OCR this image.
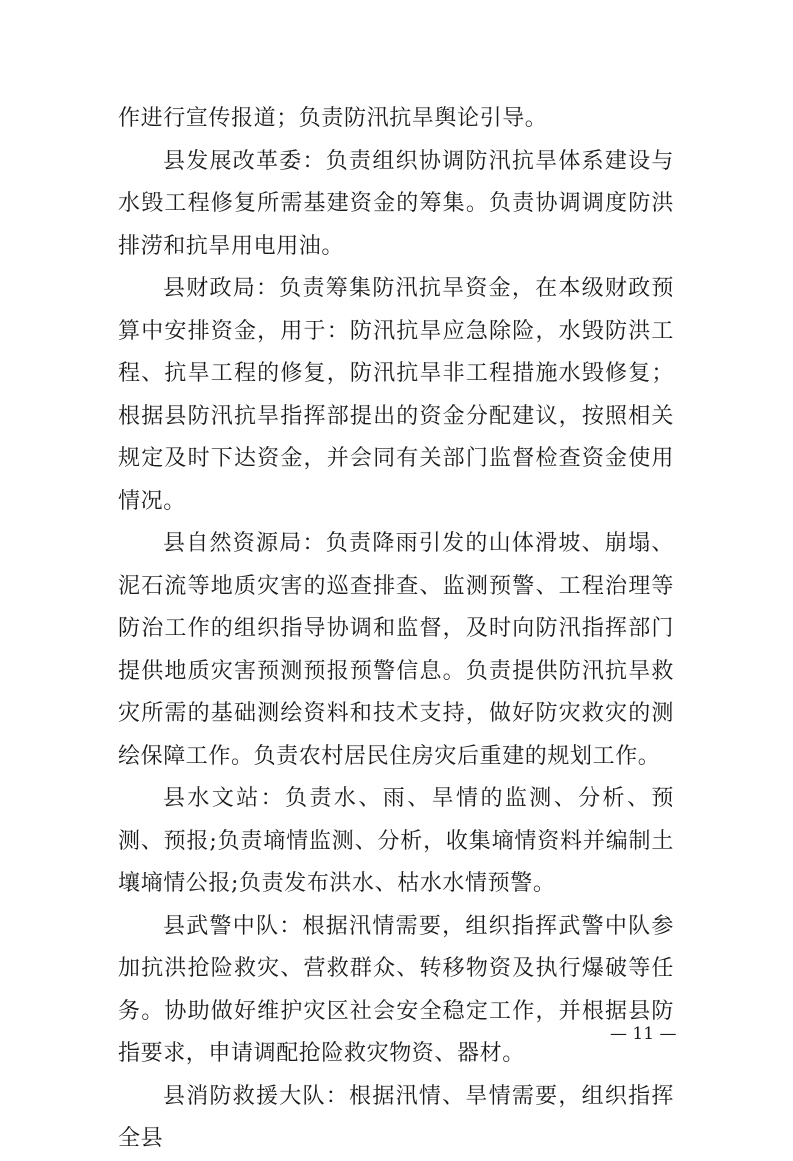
作进行宣传报道；负责防汛抗旱舆论引导。

县发展改革委：负责组织协调防汛抗旱体系建设与水毁工程修复所需基建资金的筹集。负责协调调度防洪排涝和抗旱用电用油。

县财政局：负责筹集防汛抗旱资金，在本级财政预算中安排资金，用于：防汛抗旱应急除险，水毁防洪工程、抗旱工程的修复，防汛抗旱非工程措施水毁修复；根据县防汛抗旱指挥部提出的资金分配建议，按照相关规定及时下达资金，并会同有关部门监督检查资金使用情况。

县自然资源局：负责降雨引发的山体滑坡、崩塌、泥石流等地质灾害的巡查排查、监测预警、工程治理等防治工作的组织指导协调和监督，及时向防汛指挥部门提供地质灾害预测预报预警信息。负责提供防汛抗旱救灾所需的基础测绘资料和技术支持，做好防灾救灾的测绘保障工作。负责农村居民住房灾后重建的规划工作。

县水文站：负责水、雨、旱情的监测、分析、预测、预报;负责墒情监测、分析，收集墒情资料并编制土壤墒情公报;负责发布洪水、枯水水情预警。

县武警中队：根据汛情需要，组织指挥武警中队参加抗洪抢险救灾、营救群众、转移物资及执行爆破等任务。协助做好维护灾区社会安全稳定工作，并根据县防指要求，申请调配抢险救灾物资、器材。

县消防救援大队：根据汛情、旱情需要，组织指挥全县

— 11 —
